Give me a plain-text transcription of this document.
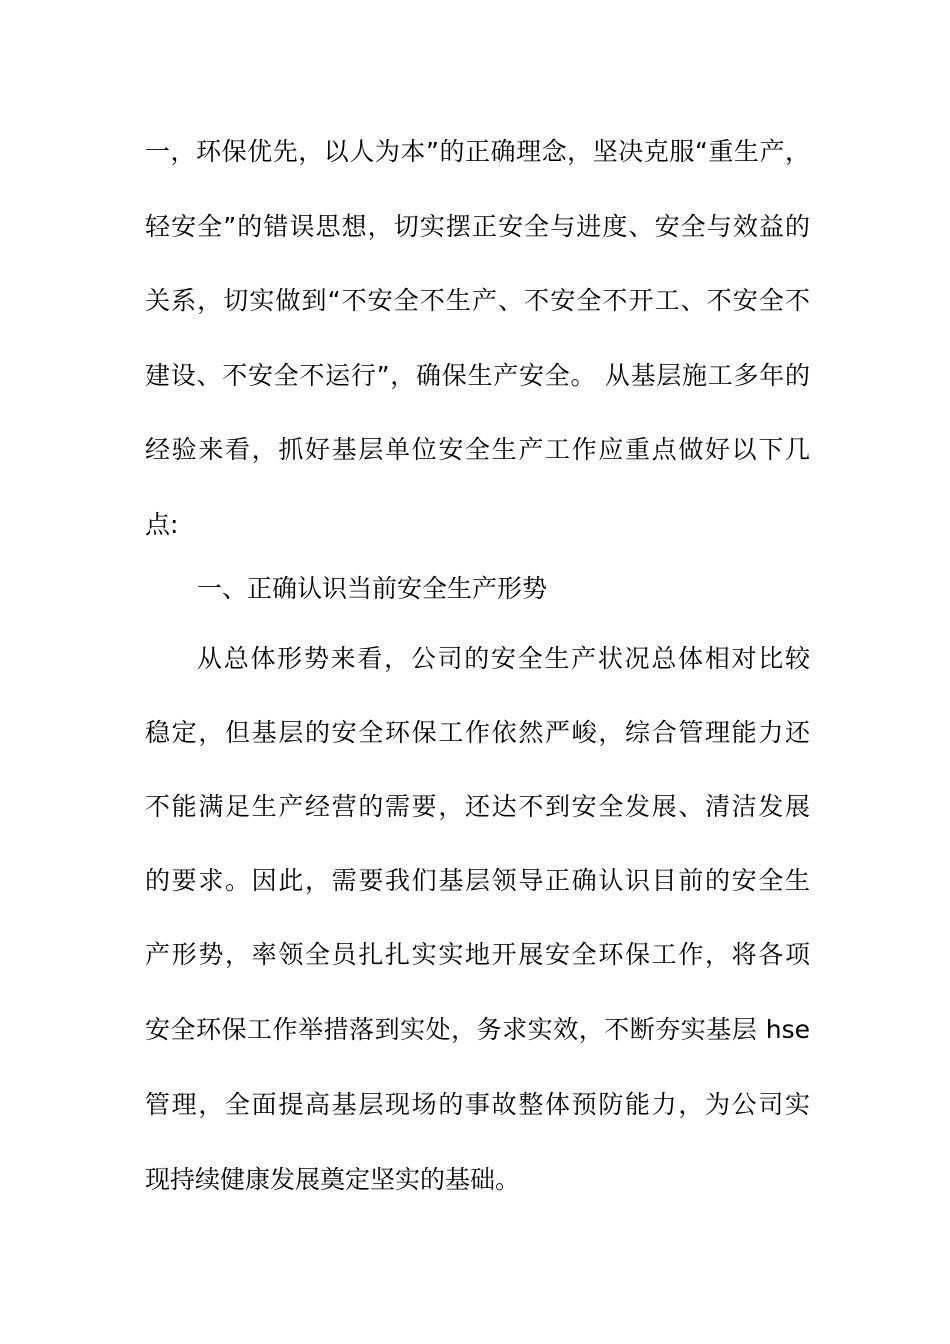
一，环保优先，以人为本”的正确理念，坚决克服“重生产，
轻安全”的错误思想，切实摆正安全与进度、安全与效益的
关系，切实做到“不安全不生产、不安全不开工、不安全不
建设、不安全不运行”，确保生产安全。 从基层施工多年的
经验来看，抓好基层单位安全生产工作应重点做好以下几
点:
一、正确认识当前安全生产形势
从总体形势来看，公司的安全生产状况总体相对比较
稳定，但基层的安全环保工作依然严峻，综合管理能力还
不能满足生产经营的需要，还达不到安全发展、清洁发展
的要求。因此，需要我们基层领导正确认识目前的安全生
产形势，率领全员扎扎实实地开展安全环保工作，将各项
安全环保工作举措落到实处，务求实效，不断夯实基层 hse
管理，全面提高基层现场的事故整体预防能力，为公司实
现持续健康发展奠定坚实的基础。
